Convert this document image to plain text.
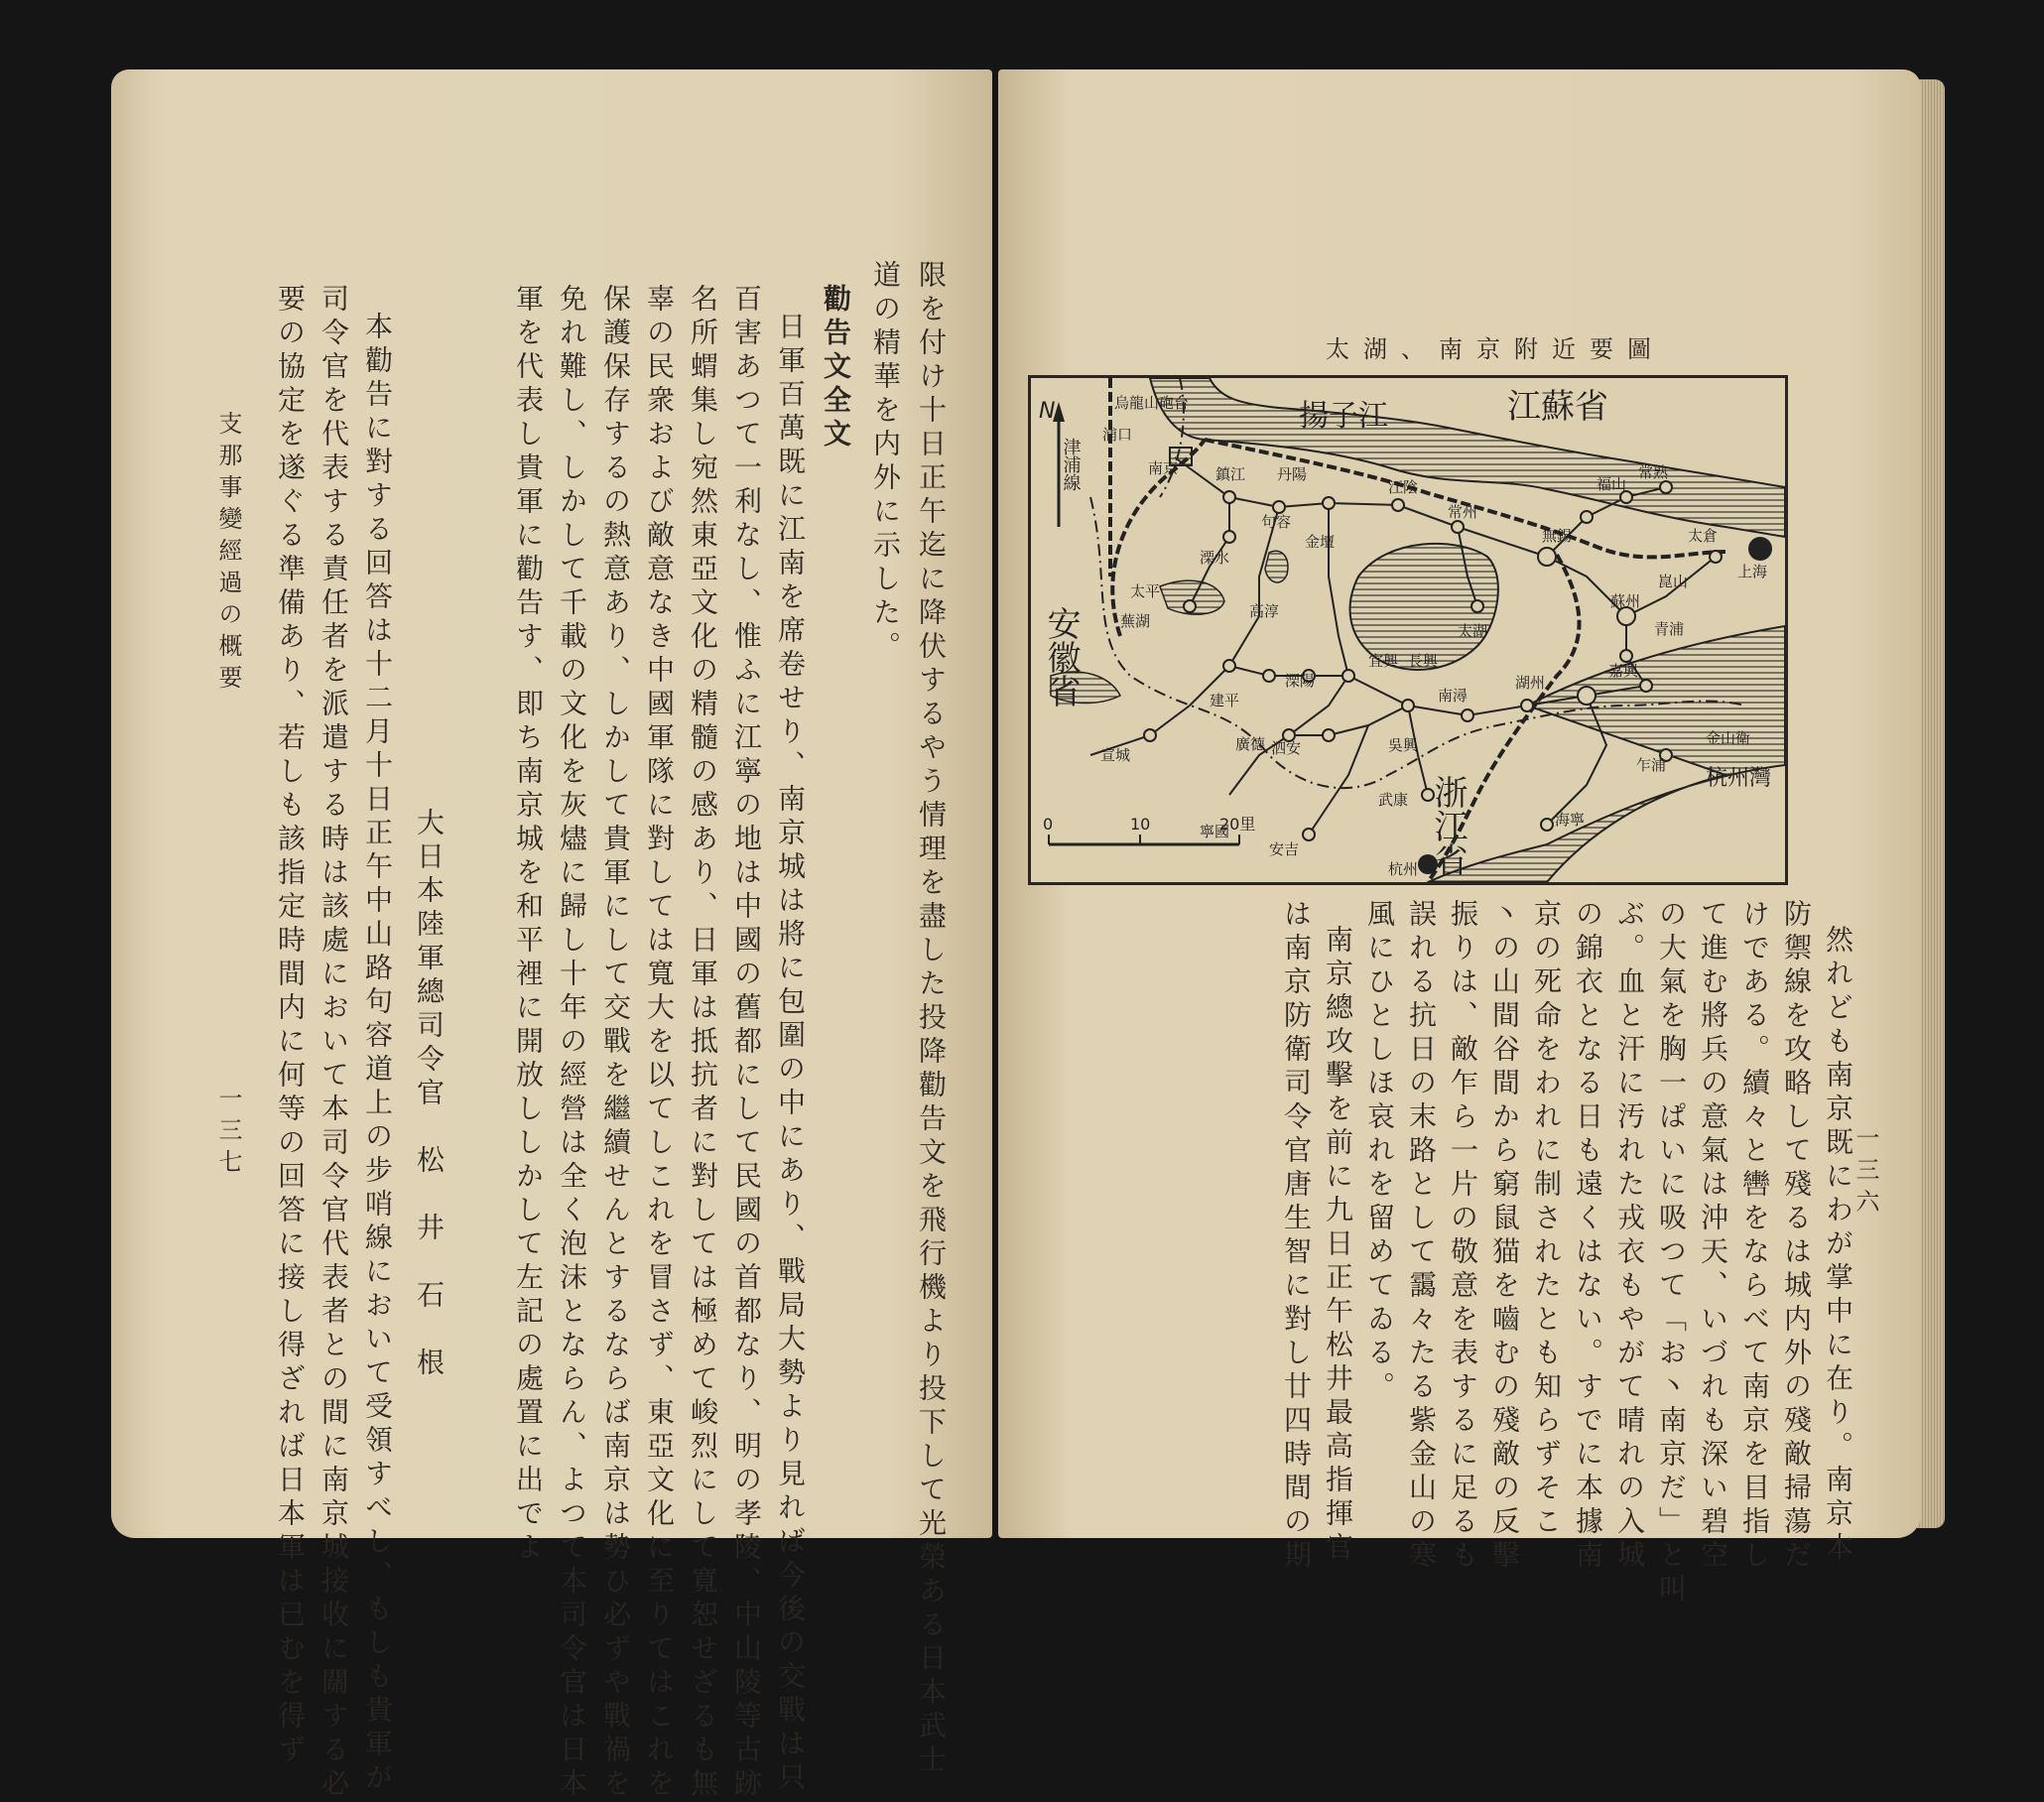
限を付け十日正午迄に降伏するやう情理を盡した投降勸告文を飛行機より投下して光榮ある日本武士
道の精華を内外に示した。
勸告文全文
日軍百萬既に江南を席卷せり、南京城は將に包圍の中にあり、戰局大勢より見れば今後の交戰は只
百害あつて一利なし、惟ふに江寧の地は中國の舊都にして民國の首都なり、明の孝陵、中山陵等古跡
名所蝟集し宛然東亞文化の精髓の感あり、日軍は抵抗者に對しては極めて峻烈にして寬恕せざるも無
辜の民衆および敵意なき中國軍隊に對しては寬大を以てしこれを冒さず、東亞文化に至りてはこれを
保護保存するの熱意あり、しかして貴軍にして交戰を繼續せんとするならば南京は勢ひ必ずや戰禍を
免れ難し、しかして千載の文化を灰燼に歸し十年の經營は全く泡沫とならん、よつて本司令官は日本
軍を代表し貴軍に勸告す、即ち南京城を和平裡に開放ししかして左記の處置に出でよ
大日本陸軍總司令官　松　井　石　根
本勸告に對する回答は十二月十日正午中山路句容道上の步哨線において受領すべし、もしも貴軍が
司令官を代表する責任者を派遣する時は該處において本司令官代表者との間に南京城接收に關する必
要の協定を遂ぐる準備あり、若しも該指定時間内に何等の回答に接し得ざれば日本軍は已むを得ず
支那事變經過の概要
一三七
太湖、南京附近要圖
N
0	10	20里
江蘇省
安徽省
浙江省
南京	鎮江 丹陽
無錫
常州
江陰
常熟
福山
崑山
太倉
上海
蘇州
嘉興
湖州
長興
宜興
溧陽
金壇
句容
溧水
高淳
蕪湖
太平
宣城
廣德
建平
泗安	吳興
武康
安吉
寧國
南潯
杭州
乍浦
金山衛
海寧
浦口
烏龍山砲台
青浦
太湖
揚子江
杭州灣
津浦線
然れども南京既にわが掌中に在り。南京本
防禦線を攻略して殘るは城内外の殘敵掃蕩だ
けである。續々と轡をならべて南京を目指し
て進む將兵の意氣は沖天、いづれも深い碧空
の大氣を胸一ぱいに吸つて「お丶南京だ」と叫
ぶ。血と汗に汚れた戎衣もやがて晴れの入城
の錦衣となる日も遠くはない。すでに本據南
京の死命をわれに制されたとも知らずそこ
丶の山間谷間から窮鼠猫を嚙むの殘敵の反擊
振りは、敵乍ら一片の敬意を表するに足るも
誤れる抗日の末路として靄々たる紫金山の寒
風にひとしほ哀れを留めてゐる。
南京總攻擊を前に九日正午松井最高指揮官
は南京防衛司令官唐生智に對し廿四時間の期	一三六
